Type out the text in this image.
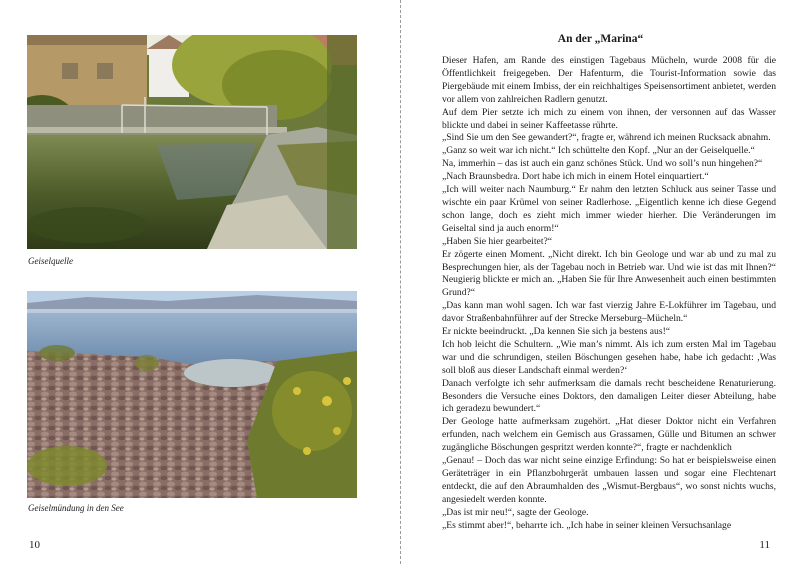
Geiselquelle
Geiselmündung in den See
10
An der „Marina“

Dieser Hafen, am Rande des einstigen Tagebaus Mücheln, wurde 2008 für die Öffentlichkeit freigegeben. Der Hafenturm, die Tourist-Information sowie das Piergebäude mit einem Imbiss, der ein reichhaltiges Speisensortiment anbietet, werden vor allem von zahlreichen Radlern genutzt.

Auf dem Pier setzte ich mich zu einem von ihnen, der versonnen auf das Wasser blickte und dabei in seiner Kaffeetasse rührte.

„Sind Sie um den See gewandert?“, fragte er, während ich meinen Rucksack abnahm.

„Ganz so weit war ich nicht.“ Ich schüttelte den Kopf. „Nur an der Geiselquelle.“

Na, immerhin – das ist auch ein ganz schönes Stück. Und wo soll’s nun hingehen?“

„Nach Braunsbedra. Dort habe ich mich in einem Hotel einquartiert.“

„Ich will weiter nach Naumburg.“ Er nahm den letzten Schluck aus seiner Tasse und wischte ein paar Krümel von seiner Radlerhose. „Eigentlich kenne ich diese Gegend schon lange, doch es zieht mich immer wieder hierher. Die Veränderungen im Geiseltal sind ja auch enorm!“

„Haben Sie hier gearbeitet?“

Er zögerte einen Moment. „Nicht direkt. Ich bin Geologe und war ab und zu mal zu Besprechungen hier, als der Tagebau noch in Betrieb war. Und wie ist das mit Ihnen?“ Neugierig blickte er mich an. „Haben Sie für Ihre Anwesenheit auch einen bestimmten Grund?“

„Das kann man wohl sagen. Ich war fast vierzig Jahre E-Lokführer im Tagebau, und davor Straßenbahnführer auf der Strecke Merseburg–Mücheln.“

Er nickte beeindruckt. „Da kennen Sie sich ja bestens aus!“

Ich hob leicht die Schultern. „Wie man’s nimmt. Als ich zum ersten Mal im Tagebau war und die schrundigen, steilen Böschungen gesehen habe, habe ich gedacht: ,Was soll bloß aus dieser Landschaft einmal werden?‘

Danach verfolgte ich sehr aufmerksam die damals recht bescheidene Renaturierung. Besonders die Versuche eines Doktors, den damaligen Leiter dieser Abteilung, habe ich geradezu bewundert.“

Der Geologe hatte aufmerksam zugehört. „Hat dieser Doktor nicht ein Verfahren erfunden, nach welchem ein Gemisch aus Grassamen, Gülle und Bitumen an schwer zugängliche Böschungen gespritzt werden konnte?“, fragte er nachdenklich

„Genau! – Doch das war nicht seine einzige Erfindung: So hat er beispielsweise einen Geräteträger in ein Pflanzbohrgerät umbauen lassen und sogar eine Flechtenart entdeckt, die auf den Abraumhalden des „Wismut-Bergbaus“, wo sonst nichts wuchs, angesiedelt werden konnte.

„Das ist mir neu!“, sagte der Geologe.

„Es stimmt aber!“, beharrte ich. „Ich habe in seiner kleinen Versuchsanlage

11
